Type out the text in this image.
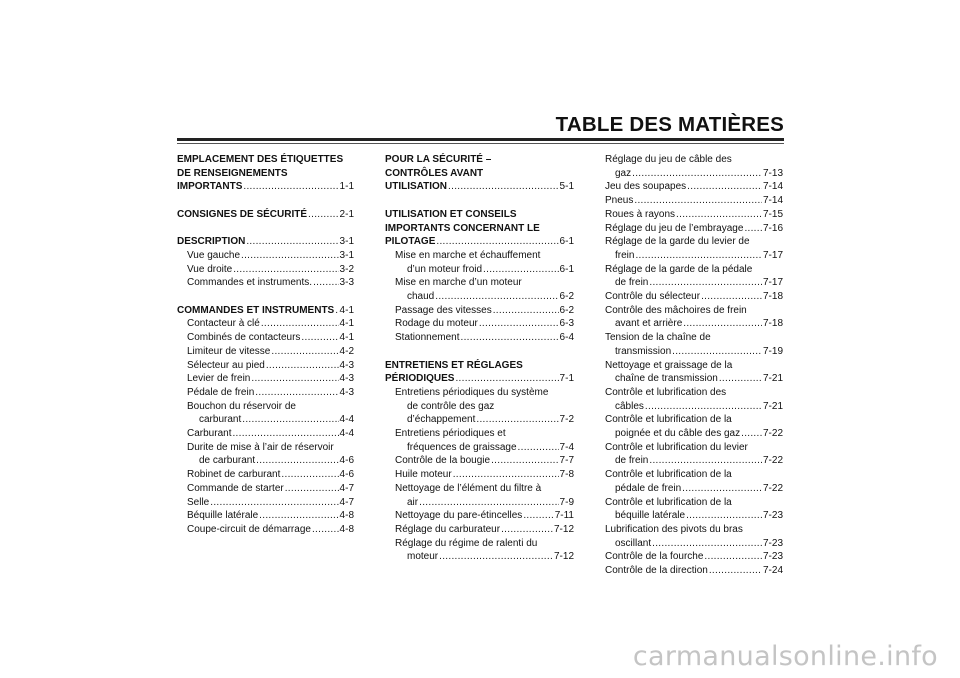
TABLE DES MATIÈRES
EMPLACEMENT DES ÉTIQUETTES
DE RENSEIGNEMENTS
IMPORTANTS .....	1-1
CONSIGNES DE SÉCURITÉ .....	2-1
DESCRIPTION .....	3-1
Vue gauche .....	3-1
Vue droite .....	3-2
Commandes et instruments. .....	3-3
COMMANDES ET INSTRUMENTS ..... 4-1
Contacteur à clé .....	4-1
Combinés de contacteurs .....	4-1
Limiteur de vitesse .....	4-2
Sélecteur au pied .....	4-3
Levier de frein .....	4-3
Pédale de frein .....	4-3
Bouchon du réservoir de
carburant .....	4-4
Carburant .....	4-4
Durite de mise à l’air de réservoir
de carburant .....	4-6
Robinet de carburant .....	4-6
Commande de starter .....	4-7
Selle .....	4-7
Béquille latérale .....	4-8
Coupe-circuit de démarrage .....	4-8
POUR LA SÉCURITÉ –
CONTRÔLES AVANT
UTILISATION .....	5-1
UTILISATION ET CONSEILS
IMPORTANTS CONCERNANT LE
PILOTAGE .....	6-1
Mise en marche et échauffement
d’un moteur froid .....	6-1
Mise en marche d’un moteur
chaud .....	6-2
Passage des vitesses .....	6-2
Rodage du moteur .....	6-3
Stationnement .....	6-4
ENTRETIENS ET RÉGLAGES
PÉRIODIQUES .....	7-1
Entretiens périodiques du système
de contrôle des gaz
d’échappement .....	7-2
Entretiens périodiques et
fréquences de graissage .....	7-4
Contrôle de la bougie .....	7-7
Huile moteur .....	7-8
Nettoyage de l’élément du filtre à
air .....	7-9
Nettoyage du pare-étincelles .....	7-11
Réglage du carburateur .....	7-12
Réglage du régime de ralenti du
moteur .....	7-12
Réglage du jeu de câble des
gaz .....	7-13
Jeu des soupapes .....	7-14
Pneus .....	7-14
Roues à rayons .....	7-15
Réglage du jeu de l’embrayage ..... 7-16
Réglage de la garde du levier de
frein .....	7-17
Réglage de la garde de la pédale
de frein .....	7-17
Contrôle du sélecteur .....	7-18
Contrôle des mâchoires de frein
avant et arrière .....	7-18
Tension de la chaîne de
transmission .....	7-19
Nettoyage et graissage de la
chaîne de transmission .....	7-21
Contrôle et lubrification des
câbles .....	7-21
Contrôle et lubrification de la
poignée et du câble des gaz ..... 7-22
Contrôle et lubrification du levier
de frein .....	7-22
Contrôle et lubrification de la
pédale de frein .....	7-22
Contrôle et lubrification de la
béquille latérale .....	7-23
Lubrification des pivots du bras
oscillant .....	7-23
Contrôle de la fourche .....	7-23
Contrôle de la direction .....	7-24
carmanualsonline.info
